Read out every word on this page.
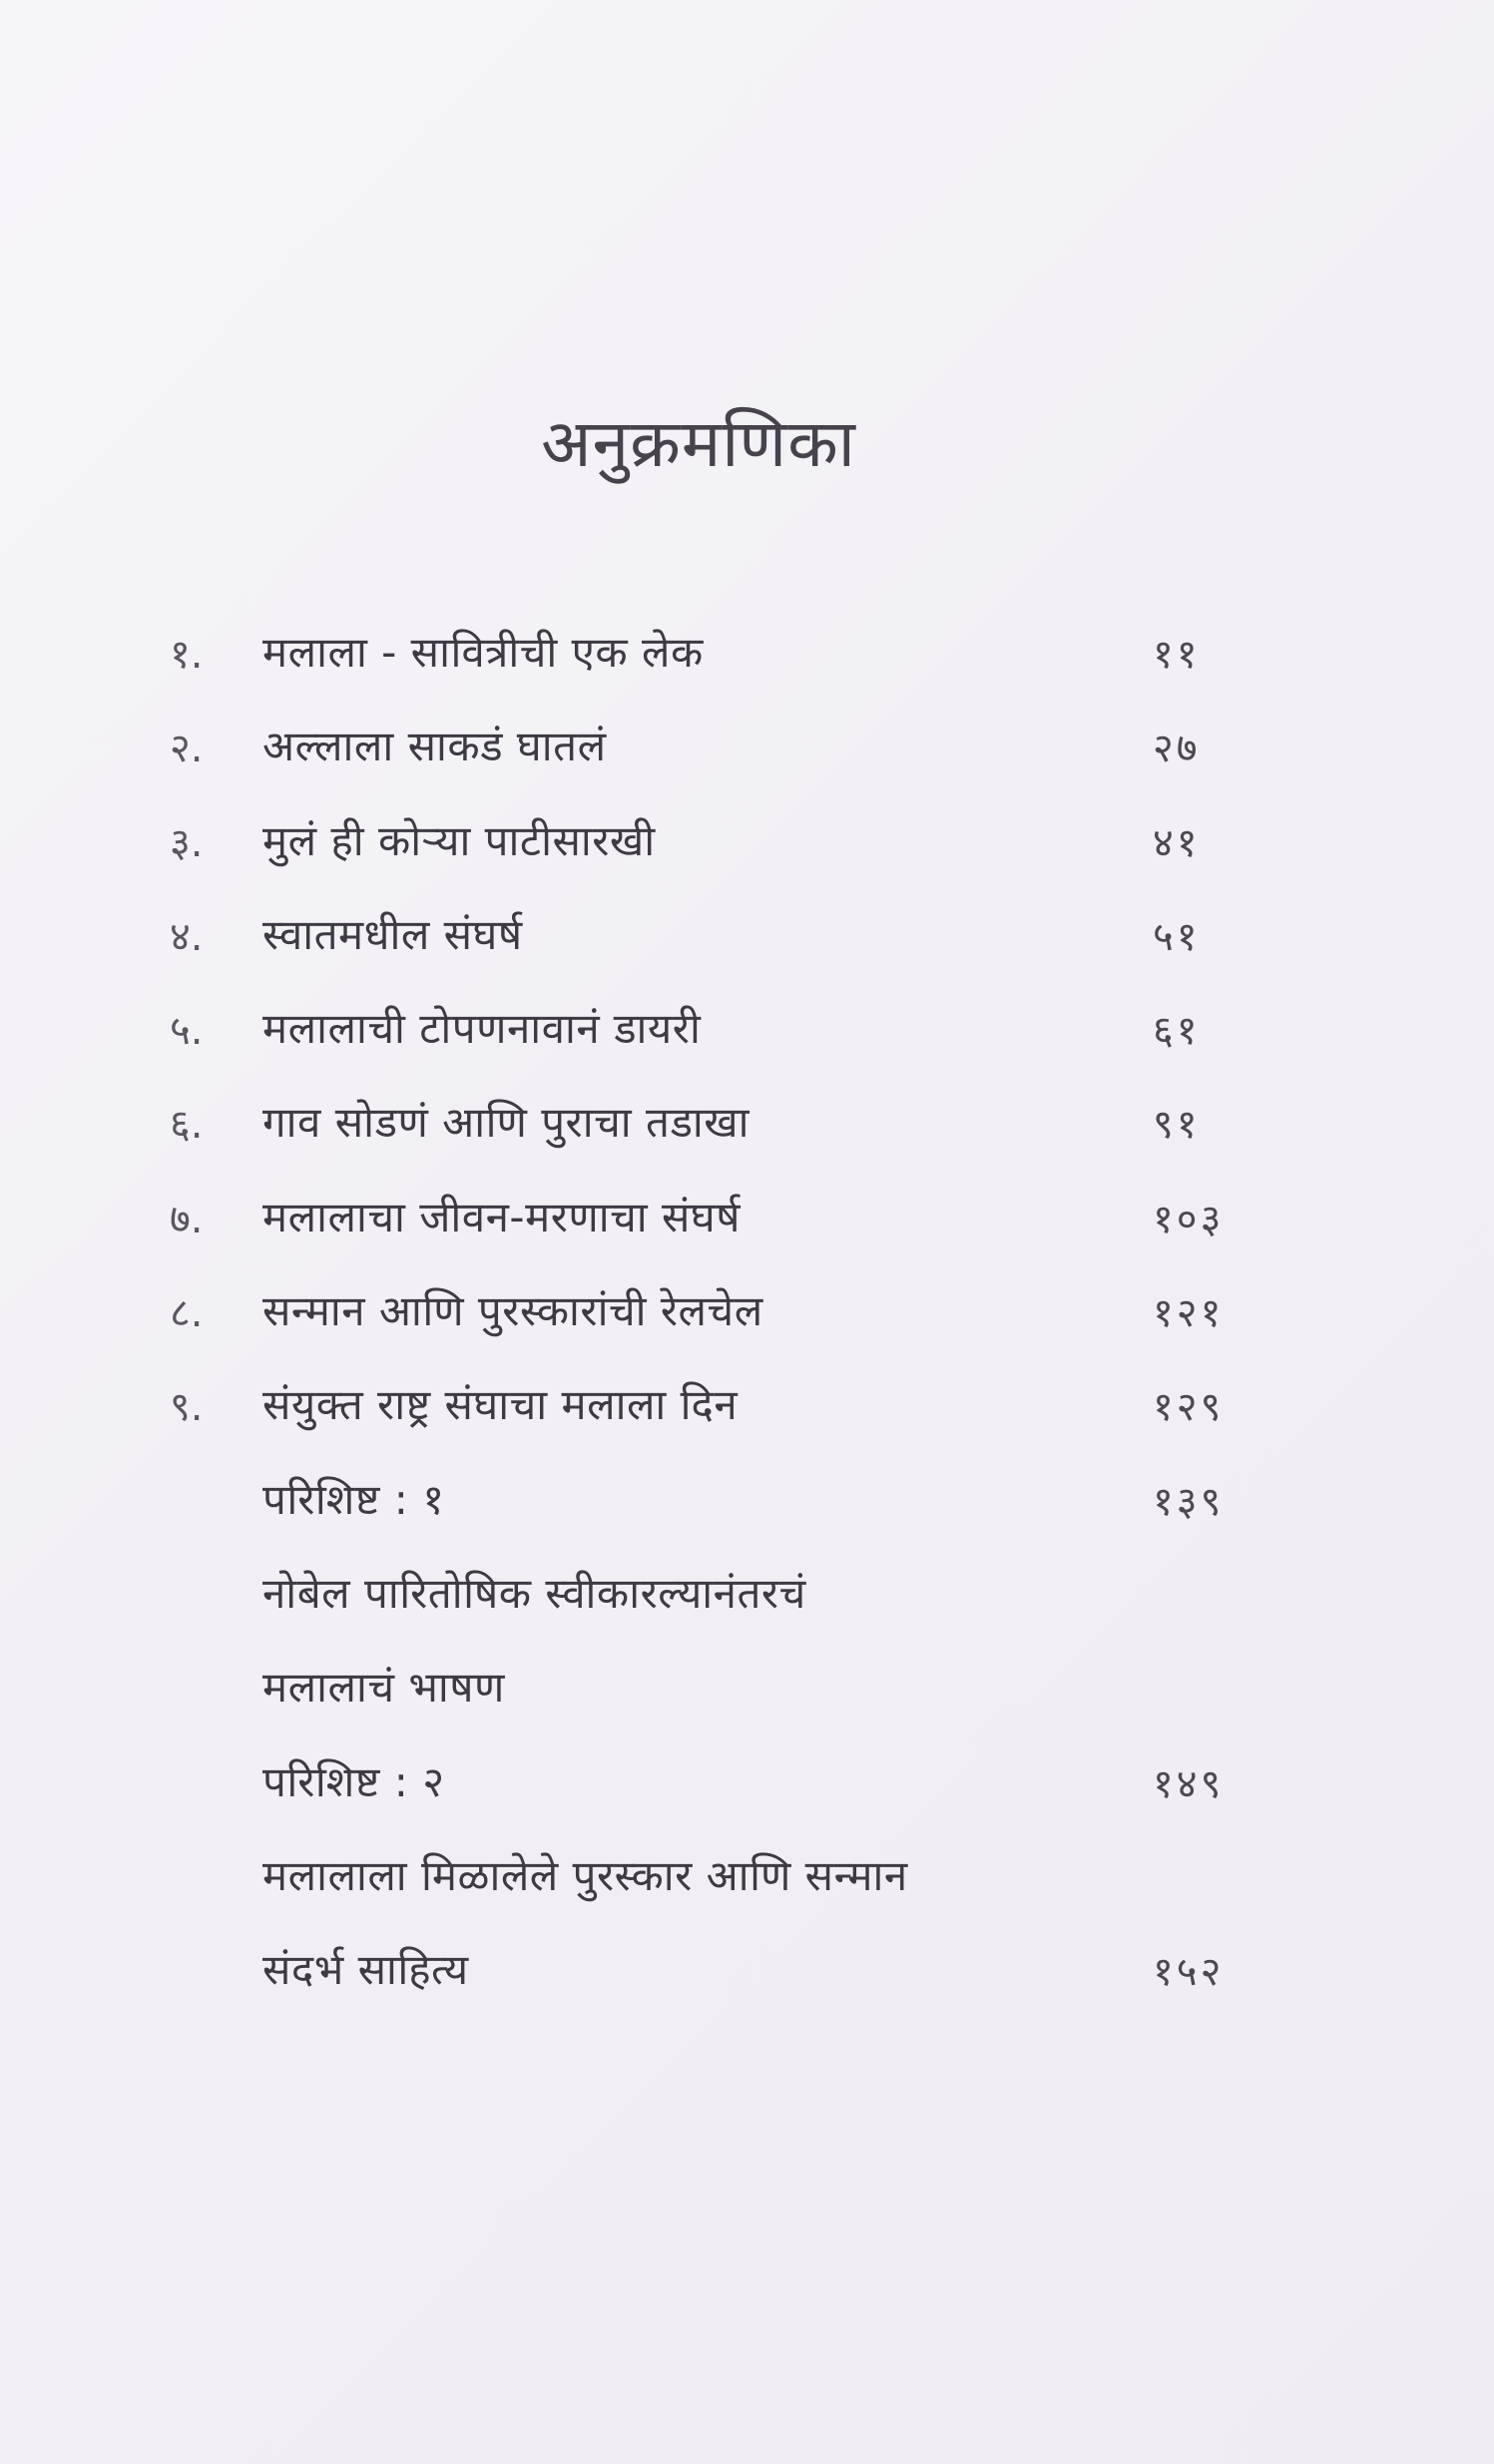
अनुक्रमणिका
१.	मलाला - सावित्रीची एक लेक	११
२.	अल्लाला साकडं घातलं	२७
३.	मुलं ही कोऱ्या पाटीसारखी	४१
४.	स्वातमधील संघर्ष	५१
५.	मलालाची टोपणनावानं डायरी	६१
६.	गाव सोडणं आणि पुराचा तडाखा	९१
७.	मलालाचा जीवन-मरणाचा संघर्ष	१०३
८.	सन्मान आणि पुरस्कारांची रेलचेल	१२१
९.	संयुक्त राष्ट्र संघाचा मलाला दिन	१२९
परिशिष्ट : १	१३९
नोबेल पारितोषिक स्वीकारल्यानंतरचं
मलालाचं भाषण
परिशिष्ट : २	१४९
मलालाला मिळालेले पुरस्कार आणि सन्मान
संदर्भ साहित्य	१५२
